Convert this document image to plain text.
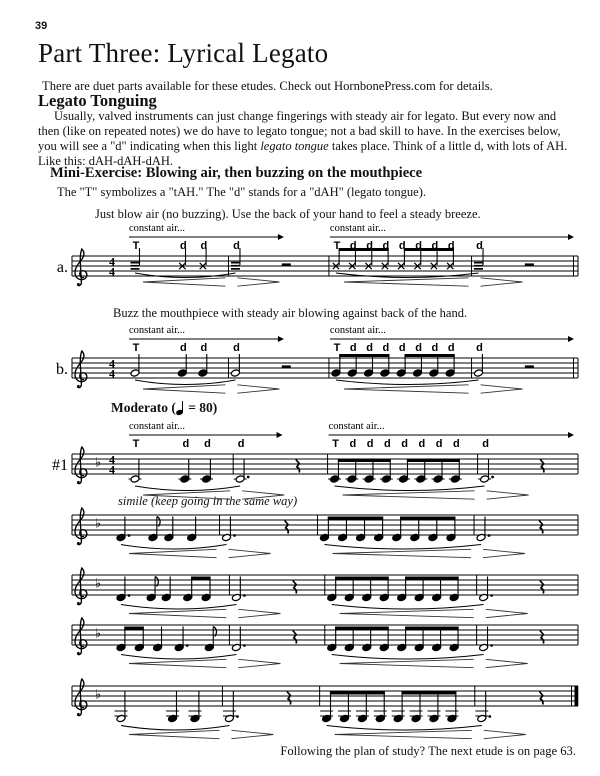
39
Part Three: Lyrical Legato
There are duet parts available for these etudes. Check out HornbonePress.com for details.
Legato Tonguing
Usually, valved instruments can just change fingerings with steady air for legato. But every now and then (like on repeated notes) we do have to legato tongue; not a bad skill to have. In the exercises below, you will see a "d" indicating when this light legato tongue takes place. Think of a little d, with lots of AH. Like this: dAH-dAH-dAH.
Mini-Exercise: Blowing air, then buzzing on the mouthpiece
The "T" symbolizes a "tAH." The "d" stands for a "dAH" (legato tongue).
Just blow air (no buzzing). Use the back of your hand to feel a steady breeze.
a.	4
4
T	d d d	T d d d d d d d d
constant air...	constant air...
Buzz the mouthpiece with steady air blowing against back of the hand.
b.	4
4
T	d d d	T d d d d d d d d
constant air...	constant air...
Moderato ( = 80)
#1 ♭ 4
4
T	d d d	T d d d d d d d d
constant air...	constant air...
simile (keep going in the same way)
♭
♭
♭
♭
Following the plan of study? The next etude is on page 63.
